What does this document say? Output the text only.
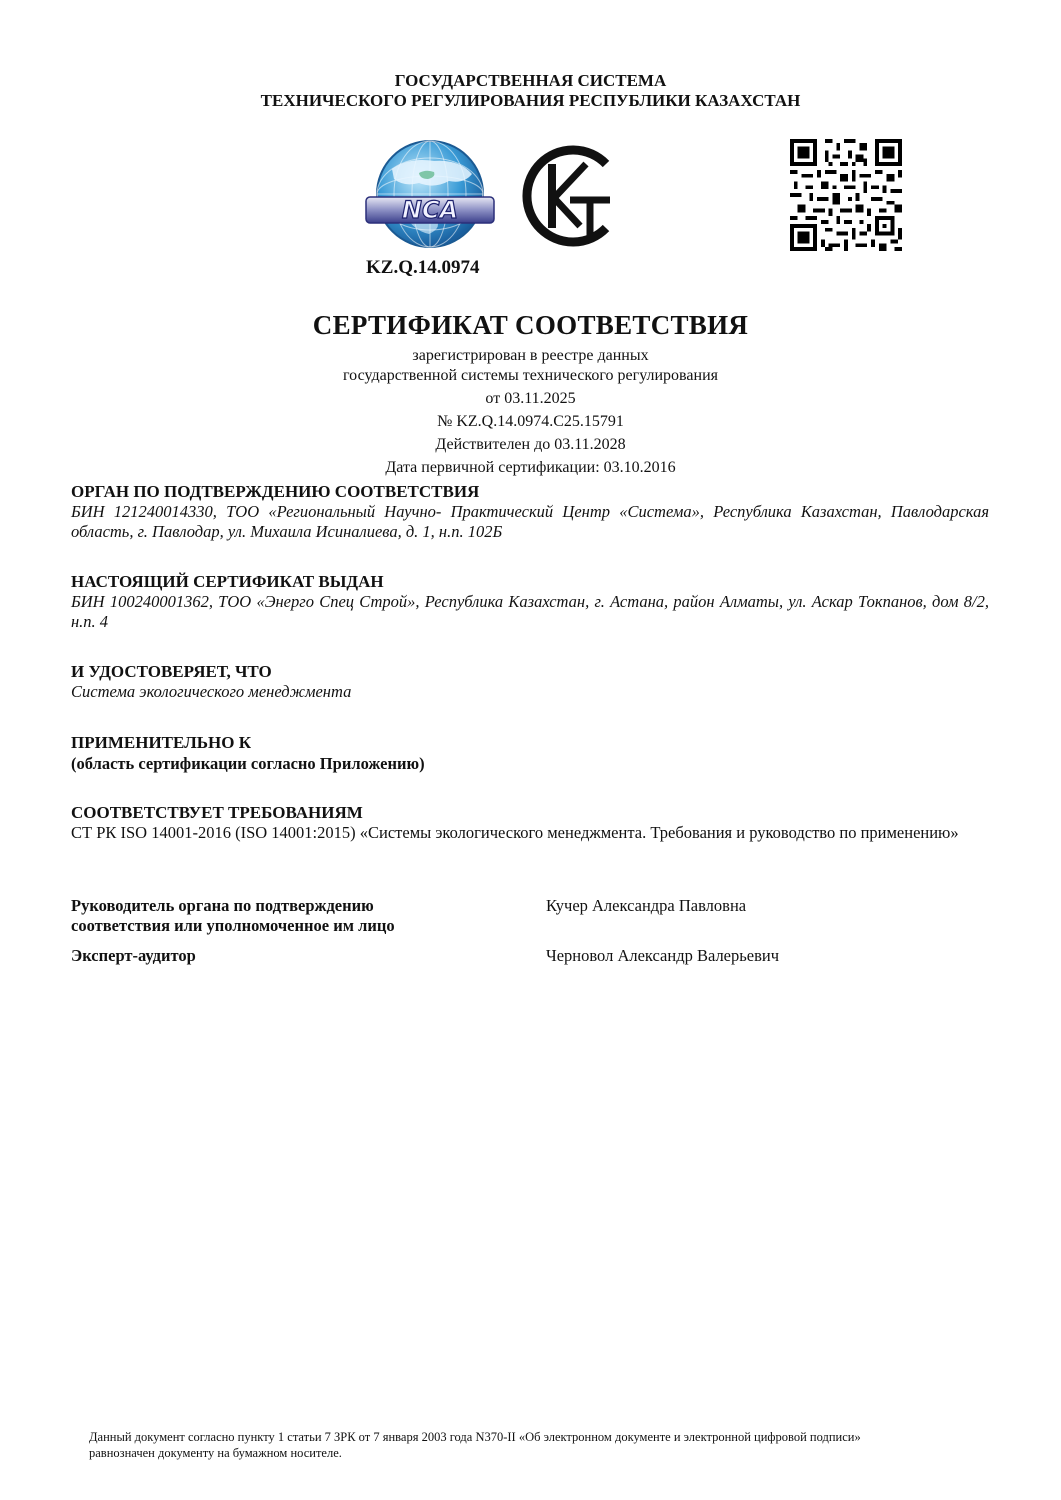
ГОСУДАРСТВЕННАЯ СИСТЕМА
ТЕХНИЧЕСКОГО РЕГУЛИРОВАНИЯ РЕСПУБЛИКИ КАЗАХСТАН
NCA
KZ.Q.14.0974
СЕРТИФИКАТ СООТВЕТСТВИЯ
зарегистрирован в реестре данных
государственной системы технического регулирования
от 03.11.2025
№ KZ.Q.14.0974.C25.15791
Действителен до 03.11.2028
Дата первичной сертификации: 03.10.2016

ОРГАН ПО ПОДТВЕРЖДЕНИЮ СООТВЕТСТВИЯ

БИН 121240014330, ТОО «Региональный Научно- Практический Центр «Система», Республика Казахстан, Павлодарская область, г. Павлодар, ул. Михаила Исиналиева, д. 1, н.п. 102Б

НАСТОЯЩИЙ СЕРТИФИКАТ ВЫДАН

БИН 100240001362, ТОО «Энерго Спец Строй», Республика Казахстан, г. Астана, район Алматы, ул. Аскар Токпанов, дом 8/2, н.п. 4

И УДОСТОВЕРЯЕТ, ЧТО

Система экологического менеджмента

ПРИМЕНИТЕЛЬНО К

(область сертификации согласно Приложению)

СООТВЕТСТВУЕТ ТРЕБОВАНИЯМ

СТ РК ISO 14001-2016 (ISO 14001:2015) «Системы экологического менеджмента. Требования и руководство по применению»

Руководитель органа по подтверждению
соответствия или уполномоченное им лицо
Кучер Александра Павловна
Эксперт-аудитор	Черновол Александр Валерьевич
Данный документ согласно пункту 1 статьи 7 ЗРК от 7 января 2003 года N370-II «Об электронном документе и электронной цифровой подписи»
равнозначен документу на бумажном носителе.
